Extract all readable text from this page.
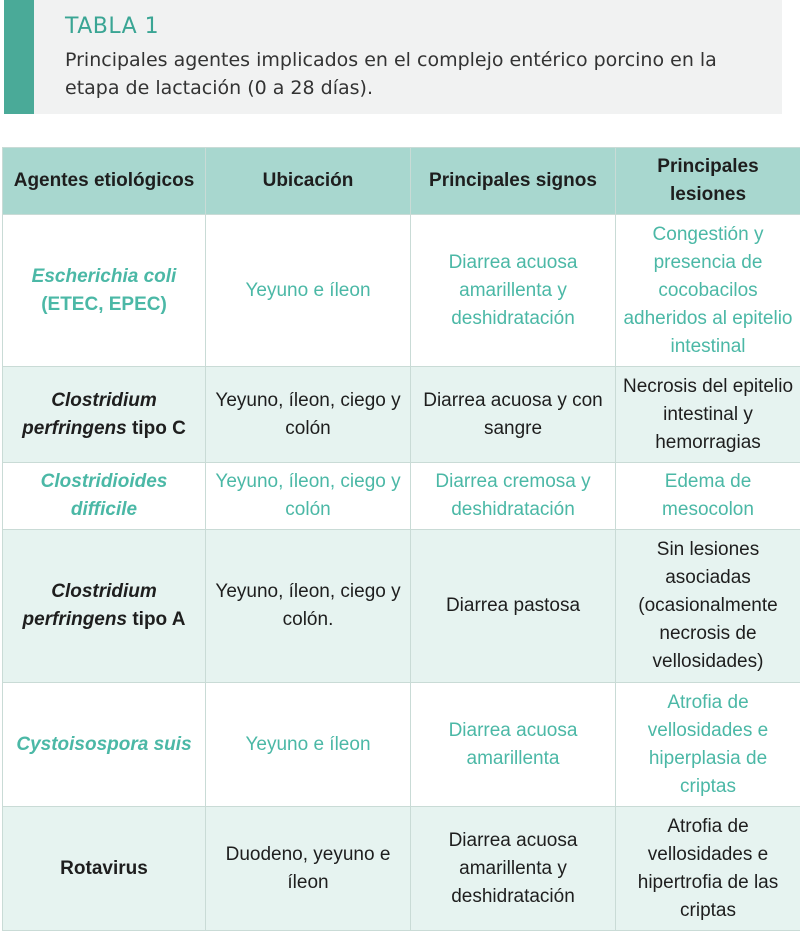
TABLA 1
Principales agentes implicados en el complejo entérico porcino en la etapa de lactación (0 a 28 días).
Agentes etiológicos	Ubicación	Principales signos	Principales lesiones
Escherichia coli
(ETEC, EPEC)	Yeyuno e íleon	Diarrea acuosa amarillenta y deshidratación	Congestión y presencia de cocobacilos adheridos al epitelio intestinal
Clostridium perfringens tipo C	Yeyuno, íleon, ciego y colón	Diarrea acuosa y con sangre	Necrosis del epitelio intestinal y hemorragias
Clostridioides difficile	Yeyuno, íleon, ciego y colón	Diarrea cremosa y deshidratación	Edema de mesocolon
Clostridium perfringens tipo A	Yeyuno, íleon, ciego y colón.	Diarrea pastosa	Sin lesiones asociadas (ocasionalmente necrosis de vellosidades)
Cystoisospora suis	Yeyuno e íleon	Diarrea acuosa amarillenta	Atrofia de vellosidades e hiperplasia de criptas
Rotavirus	Duodeno, yeyuno e íleon	Diarrea acuosa amarillenta y deshidratación	Atrofia de vellosidades e hipertrofia de las criptas
